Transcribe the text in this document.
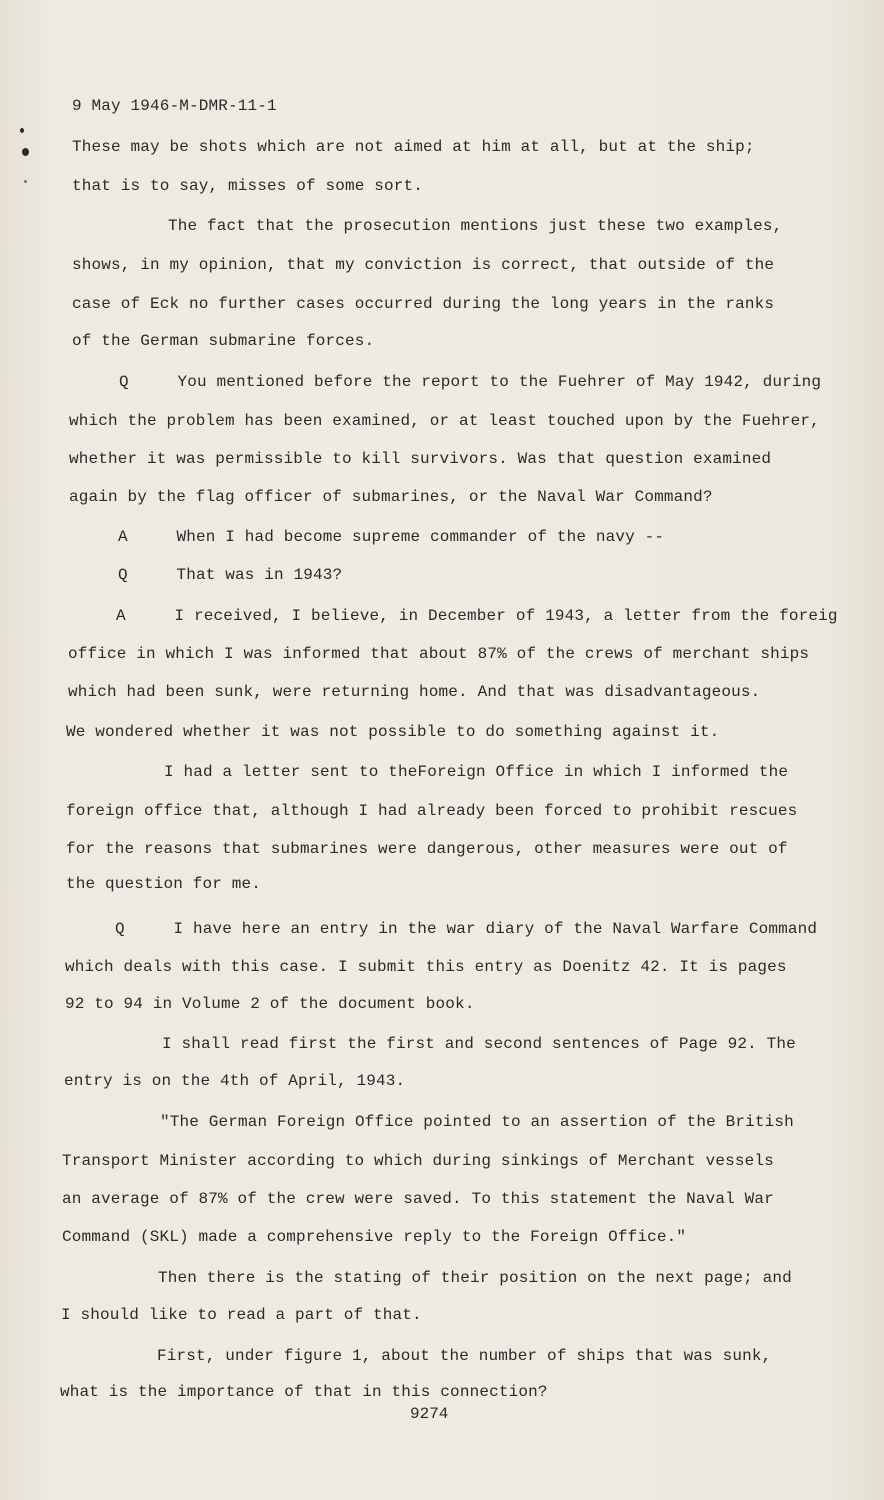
9 May 1946-M-DMR-11-1
These may be shots which are not aimed at him at all, but at the ship;
that is to say, misses of some sort.
The fact that the prosecution mentions just these two examples,
shows, in my opinion, that my conviction is correct, that outside of the
case of Eck no further cases occurred during the long years in the ranks
of the German submarine forces.
Q     You mentioned before the report to the Fuehrer of May 1942, during
which the problem has been examined, or at least touched upon by the Fuehrer,
whether it was permissible to kill survivors. Was that question examined
again by the flag officer of submarines, or the Naval War Command?
A     When I had become supreme commander of the navy --
Q     That was in 1943?
A     I received, I believe, in December of 1943, a letter from the foreig
office in which I was informed that about 87% of the crews of merchant ships
which had been sunk, were returning home. And that was disadvantageous.
We wondered whether it was not possible to do something against it.
I had a letter sent to theForeign Office in which I informed the
foreign office that, although I had already been forced to prohibit rescues
for the reasons that submarines were dangerous, other measures were out of
the question for me.
Q     I have here an entry in the war diary of the Naval Warfare Command
which deals with this case. I submit this entry as Doenitz 42. It is pages
92 to 94 in Volume 2 of the document book.
I shall read first the first and second sentences of Page 92. The
entry is on the 4th of April, 1943.
"The German Foreign Office pointed to an assertion of the British
Transport Minister according to which during sinkings of Merchant vessels
an average of 87% of the crew were saved. To this statement the Naval War
Command (SKL) made a comprehensive reply to the Foreign Office."
Then there is the stating of their position on the next page; and
I should like to read a part of that.
First, under figure 1, about the number of ships that was sunk,
what is the importance of that in this connection?
9274
